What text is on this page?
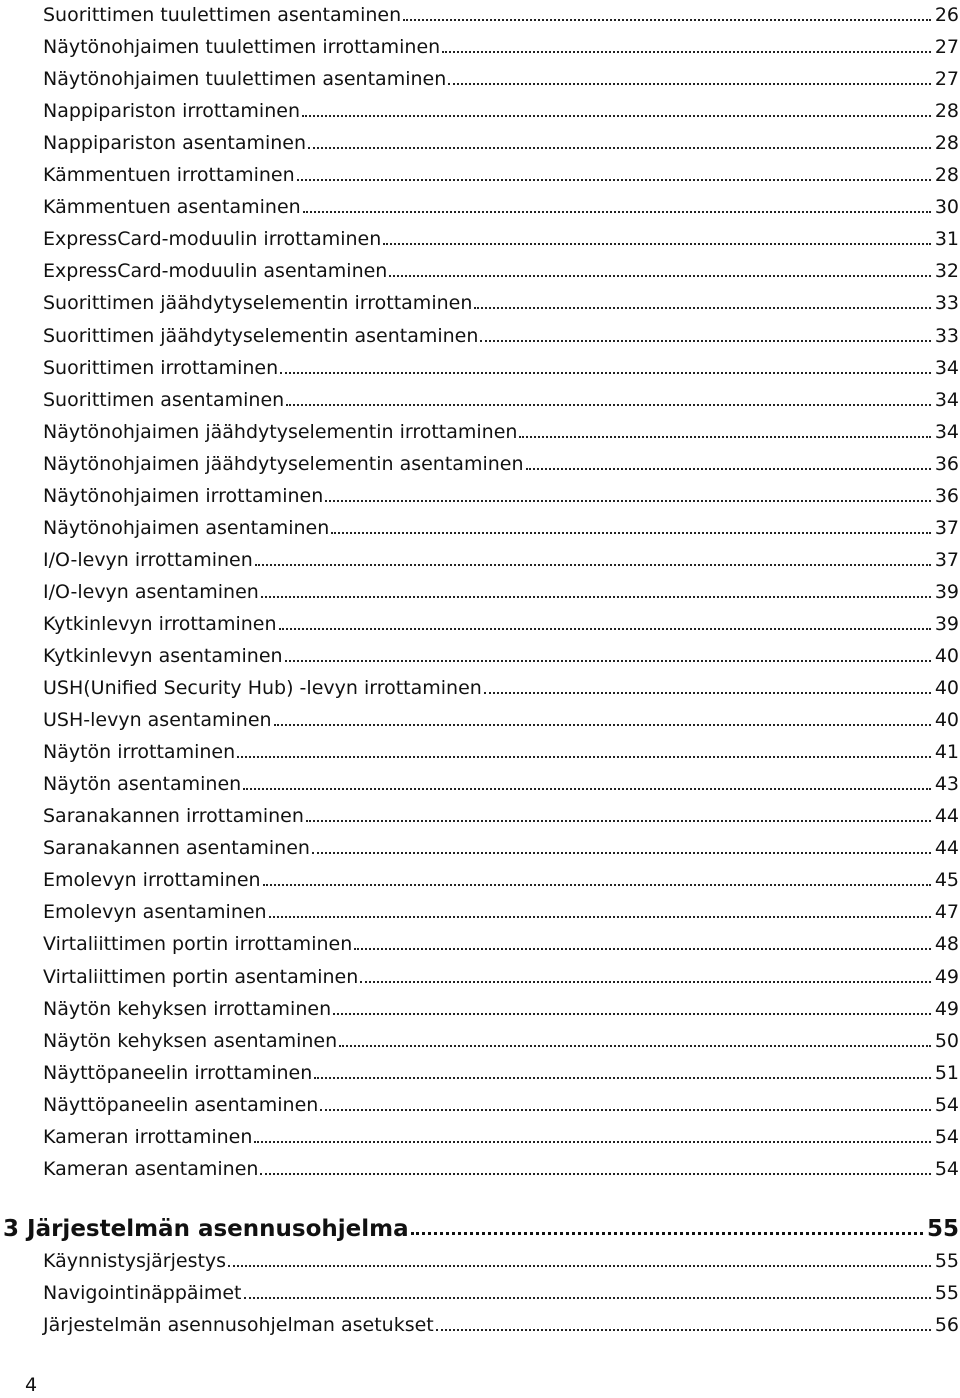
Suorittimen tuulettimen asentaminen	26
Näytönohjaimen tuulettimen irrottaminen	27
Näytönohjaimen tuulettimen asentaminen	27
Nappipariston irrottaminen	28
Nappipariston asentaminen	28
Kämmentuen irrottaminen	28
Kämmentuen asentaminen	30
ExpressCard-moduulin irrottaminen	31
ExpressCard-moduulin asentaminen	32
Suorittimen jäähdytyselementin irrottaminen	33
Suorittimen jäähdytyselementin asentaminen	33
Suorittimen irrottaminen	34
Suorittimen asentaminen	34
Näytönohjaimen jäähdytyselementin irrottaminen	34
Näytönohjaimen jäähdytyselementin asentaminen	36
Näytönohjaimen irrottaminen	36
Näytönohjaimen asentaminen	37
I/O-levyn irrottaminen	37
I/O-levyn asentaminen	39
Kytkinlevyn irrottaminen	39
Kytkinlevyn asentaminen	40
USH(Unified Security Hub) -levyn irrottaminen	40
USH-levyn asentaminen	40
Näytön irrottaminen	41
Näytön asentaminen	43
Saranakannen irrottaminen	44
Saranakannen asentaminen	44
Emolevyn irrottaminen	45
Emolevyn asentaminen	47
Virtaliittimen portin irrottaminen	48
Virtaliittimen portin asentaminen	49
Näytön kehyksen irrottaminen	49
Näytön kehyksen asentaminen	50
Näyttöpaneelin irrottaminen	51
Näyttöpaneelin asentaminen	54
Kameran irrottaminen	54
Kameran asentaminen	54
3 Järjestelmän asennusohjelma	55
Käynnistysjärjestys	55
Navigointinäppäimet	55
Järjestelmän asennusohjelman asetukset	56
4
